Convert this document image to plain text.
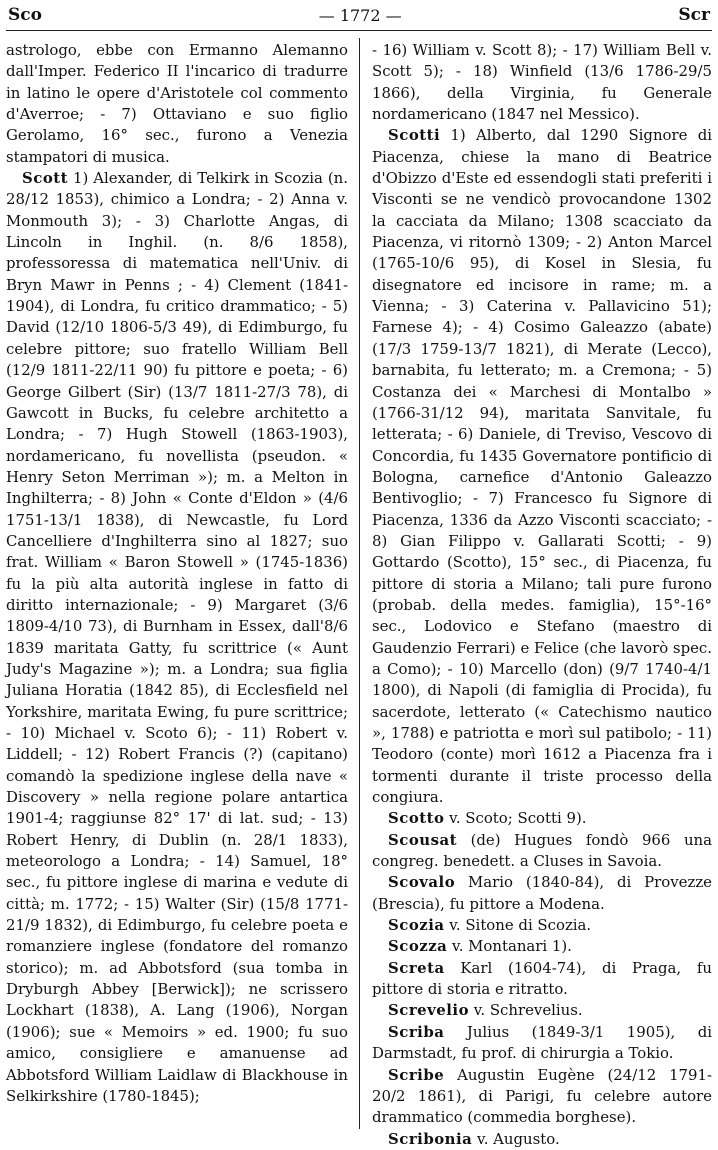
Sco	— 1772 —	Scr

astrologo, ebbe con Ermanno Alemanno dall'Imper. Federico II l'incarico di tradurre in latino le opere d'Aristotele col commento d'Averroe; - 7) Ottaviano e suo figlio Gerolamo, 16° sec., furono a Venezia stampatori di musica.

Scott 1) Alexander, di Telkirk in Scozia (n. 28/12 1853), chimico a Londra; - 2) Anna v. Monmouth 3); - 3) Charlotte Angas, di Lincoln in Inghil. (n. 8/6 1858), professoressa di matematica nell'Univ. di Bryn Mawr in Penns ; - 4) Clement (1841-1904), di Londra, fu critico drammatico; - 5) David (12/10 1806-5/3 49), di Edimburgo, fu celebre pittore; suo fratello William Bell (12/9 1811-22/11 90) fu pittore e poeta; - 6) George Gilbert (Sir) (13/7 1811-27/3 78), di Gawcott in Bucks, fu celebre architetto a Londra; - 7) Hugh Stowell (1863-1903), nordamericano, fu novellista (pseudon. « Henry Seton Merriman »); m. a Melton in Inghilterra; - 8) John « Conte d'Eldon » (4/6 1751-13/1 1838), di Newcastle, fu Lord Cancelliere d'Inghilterra sino al 1827; suo frat. William « Baron Stowell » (1745-1836) fu la più alta autorità inglese in fatto di diritto internazionale; - 9) Margaret (3/6 1809-4/10 73), di Burnham in Essex, dall'8/6 1839 maritata Gatty, fu scrittrice (« Aunt Judy's Magazine »); m. a Londra; sua figlia Juliana Horatia (1842 85), di Ecclesfield nel Yorkshire, maritata Ewing, fu pure scrittrice; - 10) Michael v. Scoto 6); - 11) Robert v. Liddell; - 12) Robert Francis (?) (capitano) comandò la spedizione inglese della nave « Discovery » nella regione polare antartica 1901-4; raggiunse 82° 17' di lat. sud; - 13) Robert Henry, di Dublin (n. 28/1 1833), meteorologo a Londra; - 14) Samuel, 18° sec., fu pittore inglese di marina e vedute di città; m. 1772; - 15) Walter (Sir) (15/8 1771-21/9 1832), di Edimburgo, fu celebre poeta e romanziere inglese (fondatore del romanzo storico); m. ad Abbotsford (sua tomba in Dryburgh Abbey [Berwick]); ne scrissero Lockhart (1838), A. Lang (1906), Norgan (1906); sue « Memoirs » ed. 1900; fu suo amico, consigliere e amanuense ad Abbotsford William Laidlaw di Blackhouse in Selkirkshire (1780-1845);

- 16) William v. Scott 8); - 17) William Bell v. Scott 5); - 18) Winfield (13/6 1786-29/5 1866), della Virginia, fu Generale nordamericano (1847 nel Messico).

Scotti 1) Alberto, dal 1290 Signore di Piacenza, chiese la mano di Beatrice d'Obizzo d'Este ed essendogli stati preferiti i Visconti se ne vendicò provocandone 1302 la cacciata da Milano; 1308 scacciato da Piacenza, vi ritornò 1309; - 2) Anton Marcel (1765-10/6 95), di Kosel in Slesia, fu disegnatore ed incisore in rame; m. a Vienna; - 3) Caterina v. Pallavicino 51); Farnese 4); - 4) Cosimo Galeazzo (abate) (17/3 1759-13/7 1821), di Merate (Lecco), barnabita, fu letterato; m. a Cremona; - 5) Costanza dei « Marchesi di Montalbo » (1766-31/12 94), maritata Sanvitale, fu letterata; - 6) Daniele, di Treviso, Vescovo di Concordia, fu 1435 Governatore pontificio di Bologna, carnefice d'Antonio Galeazzo Bentivoglio; - 7) Francesco fu Signore di Piacenza, 1336 da Azzo Visconti scacciato; - 8) Gian Filippo v. Gallarati Scotti; - 9) Gottardo (Scotto), 15° sec., di Piacenza, fu pittore di storia a Milano; tali pure furono (probab. della medes. famiglia), 15°-16° sec., Lodovico e Stefano (maestro di Gaudenzio Ferrari) e Felice (che lavorò spec. a Como); - 10) Marcello (don) (9/7 1740-4/1 1800), di Napoli (di famiglia di Procida), fu sacerdote, letterato (« Catechismo nautico », 1788) e patriotta e morì sul patibolo; - 11) Teodoro (conte) morì 1612 a Piacenza fra i tormenti durante il triste processo della congiura.

Scotto v. Scoto; Scotti 9).

Scousat (de) Hugues fondò 966 una congreg. benedett. a Cluses in Savoia.

Scovalo Mario (1840-84), di Provezze (Brescia), fu pittore a Modena.

Scozia v. Sitone di Scozia.

Scozza v. Montanari 1).

Screta Karl (1604-74), di Praga, fu pittore di storia e ritratto.

Screvelio v. Schrevelius.

Scriba Julius (1849-3/1 1905), di Darmstadt, fu prof. di chirurgia a Tokio.

Scribe Augustin Eugène (24/12 1791-20/2 1861), di Parigi, fu celebre autore drammatico (commedia borghese).

Scribonia v. Augusto.
